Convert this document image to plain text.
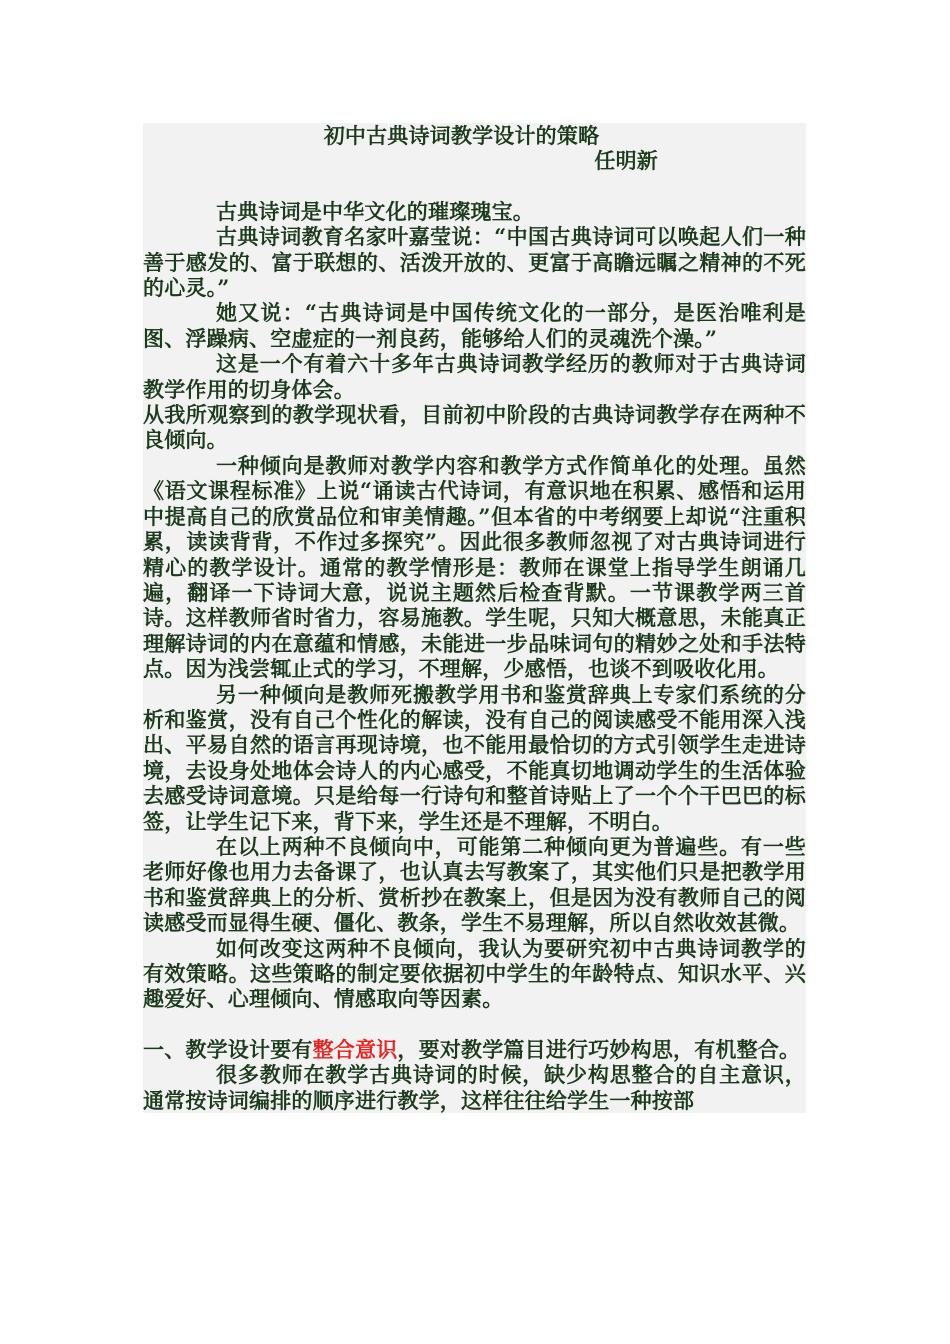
初中古典诗词教学设计的策略
任明新

古典诗词是中华文化的璀璨瑰宝。

古典诗词教育名家叶嘉莹说：“中国古典诗词可以唤起人们一种善于感发的、富于联想的、活泼开放的、更富于高瞻远瞩之精神的不死的心灵。”

她又说：“古典诗词是中国传统文化的一部分，是医治唯利是图、浮躁病、空虚症的一剂良药，能够给人们的灵魂洗个澡。”

这是一个有着六十多年古典诗词教学经历的教师对于古典诗词教学作用的切身体会。

从我所观察到的教学现状看，目前初中阶段的古典诗词教学存在两种不良倾向。

一种倾向是教师对教学内容和教学方式作简单化的处理。虽然《语文课程标准》上说“诵读古代诗词，有意识地在积累、感悟和运用中提高自己的欣赏品位和审美情趣。”但本省的中考纲要上却说“注重积累，读读背背，不作过多探究”。因此很多教师忽视了对古典诗词进行精心的教学设计。通常的教学情形是：教师在课堂上指导学生朗诵几遍，翻译一下诗词大意，说说主题然后检查背默。一节课教学两三首诗。这样教师省时省力，容易施教。学生呢，只知大概意思，未能真正理解诗词的内在意蕴和情感，未能进一步品味词句的精妙之处和手法特点。因为浅尝辄止式的学习，不理解，少感悟，也谈不到吸收化用。

另一种倾向是教师死搬教学用书和鉴赏辞典上专家们系统的分析和鉴赏，没有自己个性化的解读，没有自己的阅读感受不能用深入浅出、平易自然的语言再现诗境，也不能用最恰切的方式引领学生走进诗境，去设身处地体会诗人的内心感受，不能真切地调动学生的生活体验去感受诗词意境。只是给每一行诗句和整首诗贴上了一个个干巴巴的标签，让学生记下来，背下来，学生还是不理解，不明白。

在以上两种不良倾向中，可能第二种倾向更为普遍些。有一些老师好像也用力去备课了，也认真去写教案了，其实他们只是把教学用书和鉴赏辞典上的分析、赏析抄在教案上，但是因为没有教师自己的阅读感受而显得生硬、僵化、教条，学生不易理解，所以自然收效甚微。

如何改变这两种不良倾向，我认为要研究初中古典诗词教学的有效策略。这些策略的制定要依据初中学生的年龄特点、知识水平、兴趣爱好、心理倾向、情感取向等因素。

一、教学设计要有整合意识，要对教学篇目进行巧妙构思，有机整合。

很多教师在教学古典诗词的时候，缺少构思整合的自主意识，通常按诗词编排的顺序进行教学，这样往往给学生一种按部
